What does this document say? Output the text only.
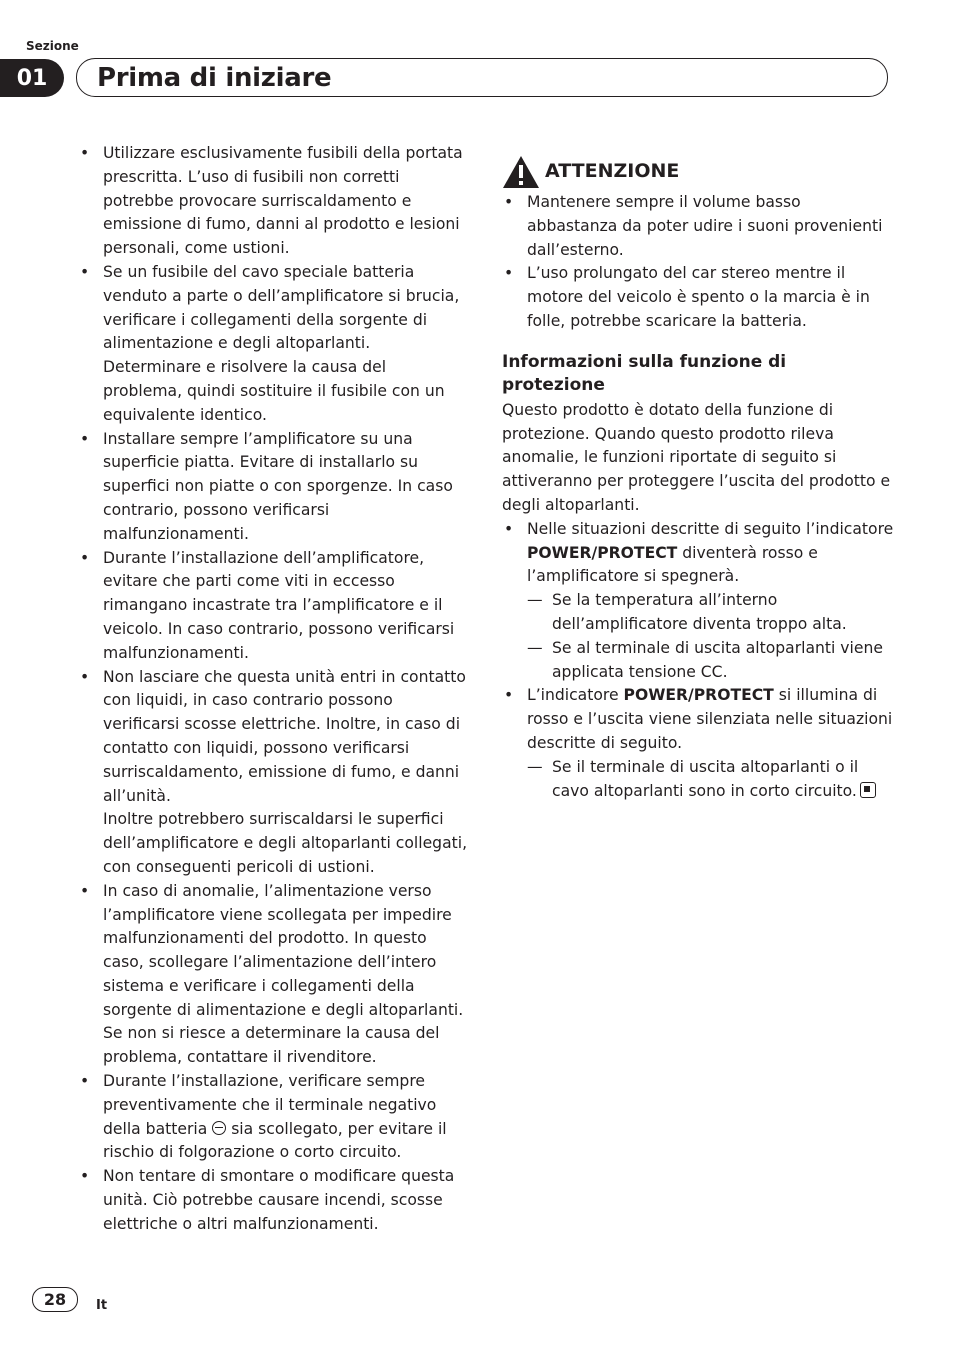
Sezione
01	Prima di iniziare
• Utilizzare esclusivamente fusibili della portata prescritta. L’uso di fusibili non corretti potrebbe provocare surriscaldamento e emissione di fumo, danni al prodotto e lesioni personali, come ustioni.
• Se un fusibile del cavo speciale batteria venduto a parte o dell’amplificatore si brucia, verificare i collegamenti della sorgente di alimentazione e degli altoparlanti. Determinare e risolvere la causa del problema, quindi sostituire il fusibile con un equivalente identico.
• Installare sempre l’amplificatore su una superficie piatta. Evitare di installarlo su superfici non piatte o con sporgenze. In caso contrario, possono verificarsi malfunzionamenti.
• Durante l’installazione dell’amplificatore, evitare che parti come viti in eccesso rimangano incastrate tra l’amplificatore e il veicolo. In caso contrario, possono verificarsi malfunzionamenti.
• Non lasciare che questa unità entri in contatto con liquidi, in caso contrario possono verificarsi scosse elettriche. Inoltre, in caso di contatto con liquidi, possono verificarsi surriscaldamento, emissione di fumo, e danni all’unità.
Inoltre potrebbero surriscaldarsi le superfici dell’amplificatore e degli altoparlanti collegati, con conseguenti pericoli di ustioni.
• In caso di anomalie, l’alimentazione verso l’amplificatore viene scollegata per impedire malfunzionamenti del prodotto. In questo caso, scollegare l’alimentazione dell’intero sistema e verificare i collegamenti della sorgente di alimentazione e degli altoparlanti. Se non si riesce a determinare la causa del problema, contattare il rivenditore.
• Durante l’installazione, verificare sempre preventivamente che il terminale negativo della batteria sia scollegato, per evitare il rischio di folgorazione o corto circuito.
• Non tentare di smontare o modificare questa unità. Ciò potrebbe causare incendi, scosse elettriche o altri malfunzionamenti.
ATTENZIONE
• Mantenere sempre il volume basso abbastanza da poter udire i suoni provenienti dall’esterno.
• L’uso prolungato del car stereo mentre il motore del veicolo è spento o la marcia è in folle, potrebbe scaricare la batteria.
Informazioni sulla funzione di protezione

Questo prodotto è dotato della funzione di protezione. Quando questo prodotto rileva anomalie, le funzioni riportate di seguito si attiveranno per proteggere l’uscita del prodotto e degli altoparlanti.

• Nelle situazioni descritte di seguito l’indicatore POWER/PROTECT diventerà rosso e l’amplificatore si spegnerà.
— Se la temperatura all’interno dell’amplificatore diventa troppo alta.
— Se al terminale di uscita altoparlanti viene applicata tensione CC.
• L’indicatore POWER/PROTECT si illumina di rosso e l’uscita viene silenziata nelle situazioni descritte di seguito.
— Se il terminale di uscita altoparlanti o il cavo altoparlanti sono in corto circuito.
28	It
